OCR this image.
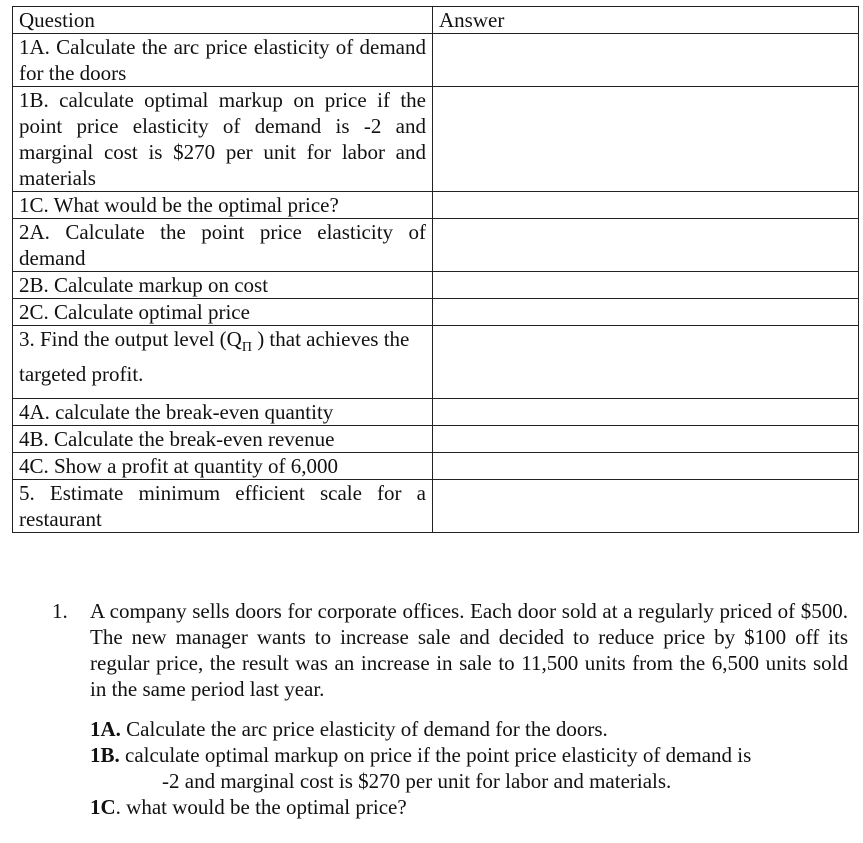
Question	Answer
1A. Calculate the arc price elasticity of demand for the doors	
1B. calculate optimal markup on price if the point price elasticity of demand is -2 and marginal cost is $270 per unit for labor and materials	
1C. What would be the optimal price?	
2A. Calculate the point price elasticity of demand	
2B. Calculate markup on cost	
2C. Calculate optimal price	
3. Find the output level ($Q_\Pi$ ) that achieves the targeted profit.	
4A. calculate the break-even quantity	
4B. Calculate the break-even revenue	
4C. Show a profit at quantity of 6,000	
5. Estimate minimum efficient scale for a restaurant	
1. A company sells doors for corporate offices. Each door sold at a regularly priced of $500. The new manager wants to increase sale and decided to reduce price by $100 off its regular price, the result was an increase in sale to 11,500 units from the 6,500 units sold in the same period last year.
1A. Calculate the arc price elasticity of demand for the doors.
1B. calculate optimal markup on price if the point price elasticity of demand is
-2 and marginal cost is $270 per unit for labor and materials.
1C. what would be the optimal price?
